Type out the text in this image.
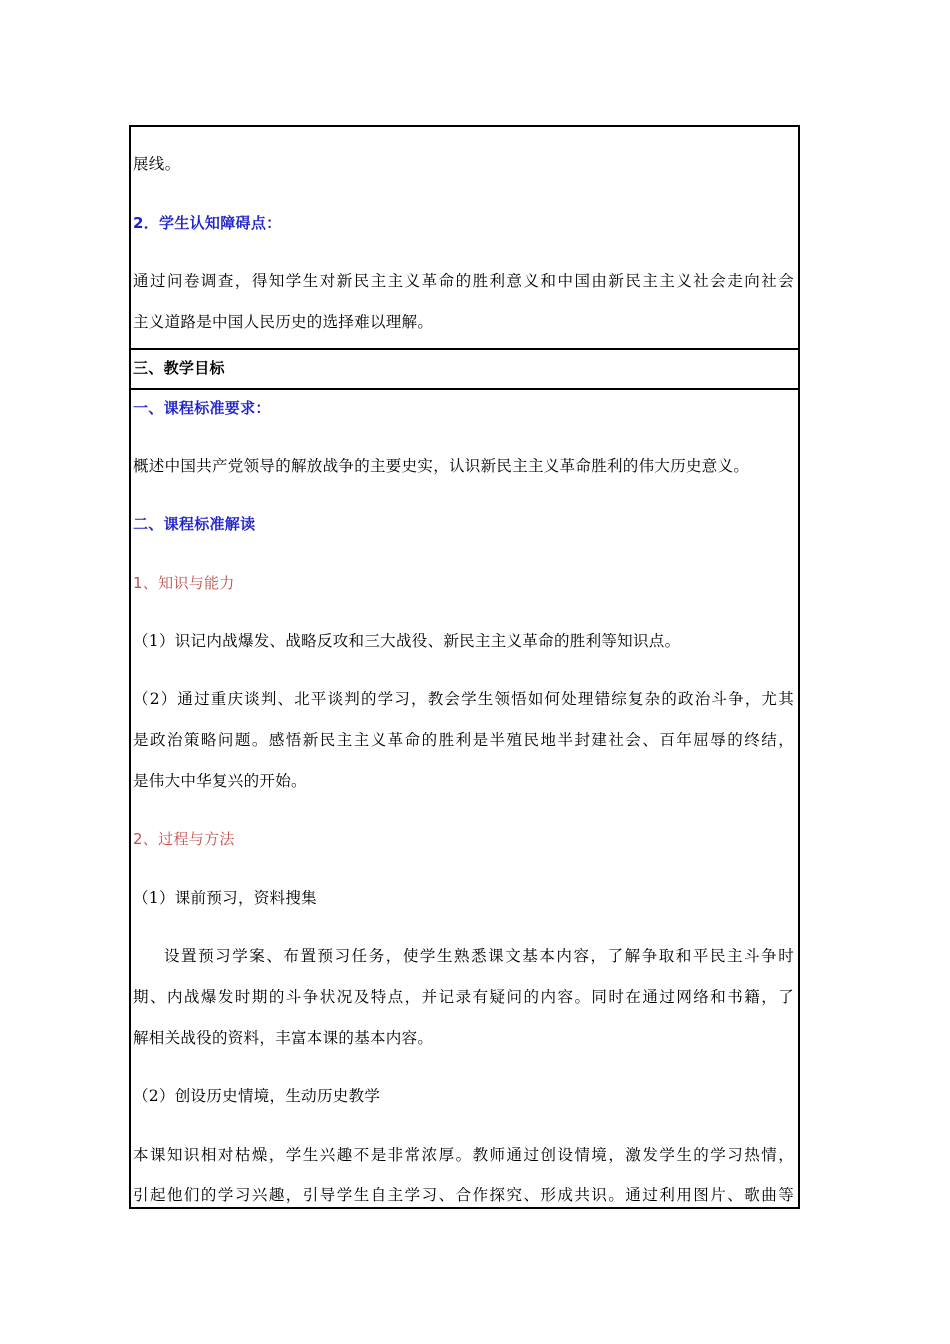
展线。
2．学生认知障碍点：
通过问卷调查，得知学生对新民主主义革命的胜利意义和中国由新民主主义社会走向社会
主义道路是中国人民历史的选择难以理解。
三、教学目标
一、课程标准要求：
概述中国共产党领导的解放战争的主要史实，认识新民主主义革命胜利的伟大历史意义。
二、课程标准解读
1、知识与能力
（1）识记内战爆发、战略反攻和三大战役、新民主主义革命的胜利等知识点。
（2）通过重庆谈判、北平谈判的学习，教会学生领悟如何处理错综复杂的政治斗争，尤其
是政治策略问题。感悟新民主主义革命的胜利是半殖民地半封建社会、百年屈辱的终结，
是伟大中华复兴的开始。
2、过程与方法
（1）课前预习，资料搜集
设置预习学案、布置预习任务，使学生熟悉课文基本内容，了解争取和平民主斗争时
期、内战爆发时期的斗争状况及特点，并记录有疑问的内容。同时在通过网络和书籍，了
解相关战役的资料，丰富本课的基本内容。
（2）创设历史情境，生动历史教学
本课知识相对枯燥，学生兴趣不是非常浓厚。教师通过创设情境，激发学生的学习热情，
引起他们的学习兴趣，引导学生自主学习、合作探究、形成共识。通过利用图片、歌曲等
